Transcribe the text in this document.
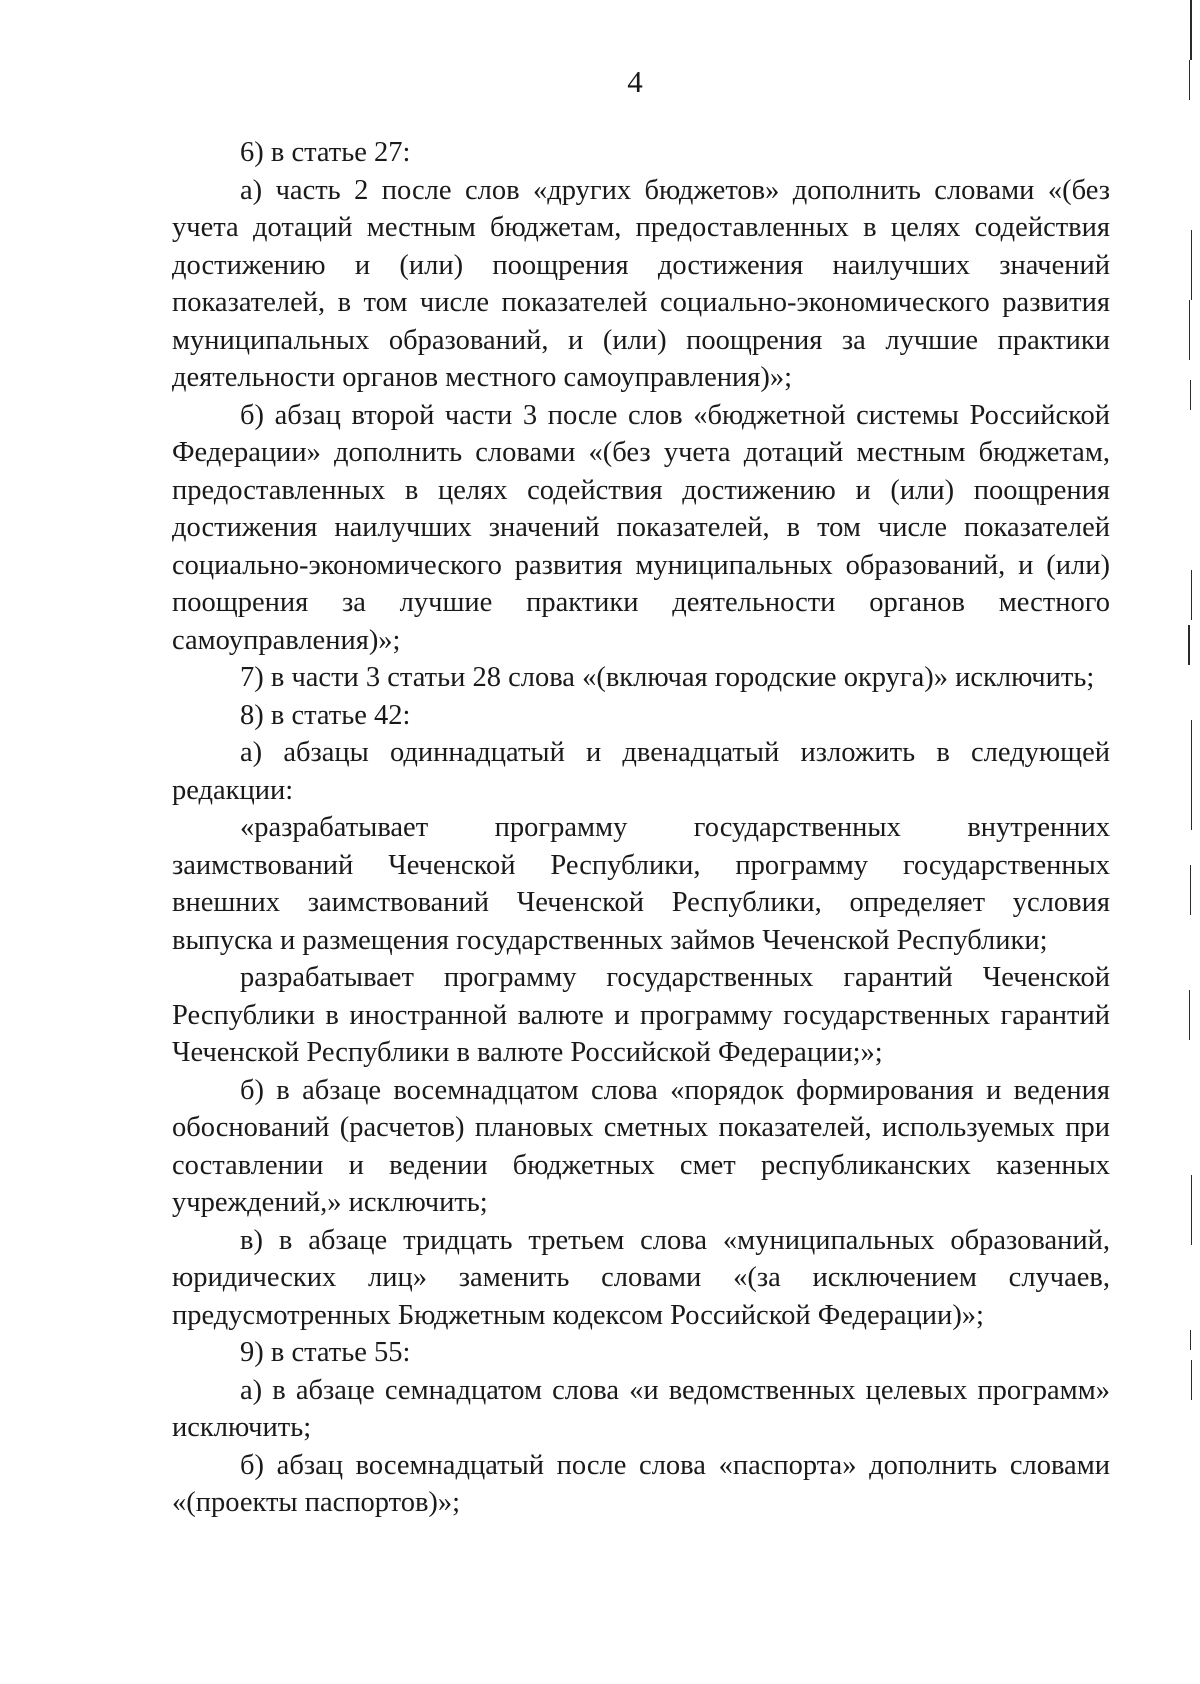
4

6) в статье 27:

а) часть 2 после слов «других бюджетов» дополнить словами «(без учета дотаций местным бюджетам, предоставленных в целях содействия достижению и (или) поощрения достижения наилучших значений показателей, в том числе показателей социально-экономического развития муниципальных образований, и (или) поощрения за лучшие практики деятельности органов местного самоуправления)»;

б) абзац второй части 3 после слов «бюджетной системы Российской Федерации» дополнить словами «(без учета дотаций местным бюджетам, предоставленных в целях содействия достижению и (или) поощрения достижения наилучших значений показателей, в том числе показателей социально-экономического развития муниципальных образований, и (или) поощрения за лучшие практики деятельности органов местного самоуправления)»;

7) в части 3 статьи 28 слова «(включая городские округа)» исключить;

8) в статье 42:

а) абзацы одиннадцатый и двенадцатый изложить в следующей редакции:

«разрабатывает программу государственных внутренних заимствований Чеченской Республики, программу государственных внешних заимствований Чеченской Республики, определяет условия выпуска и размещения государственных займов Чеченской Республики;

разрабатывает программу государственных гарантий Чеченской Республики в иностранной валюте и программу государственных гарантий Чеченской Республики в валюте Российской Федерации;»;

б) в абзаце восемнадцатом слова «порядок формирования и ведения обоснований (расчетов) плановых сметных показателей, используемых при составлении и ведении бюджетных смет республиканских казенных учреждений,» исключить;

в) в абзаце тридцать третьем слова «муниципальных образований, юридических лиц» заменить словами «(за исключением случаев, предусмотренных Бюджетным кодексом Российской Федерации)»;

9) в статье 55:

а) в абзаце семнадцатом слова «и ведомственных целевых программ» исключить;

б) абзац восемнадцатый после слова «паспорта» дополнить словами «(проекты паспортов)»;
